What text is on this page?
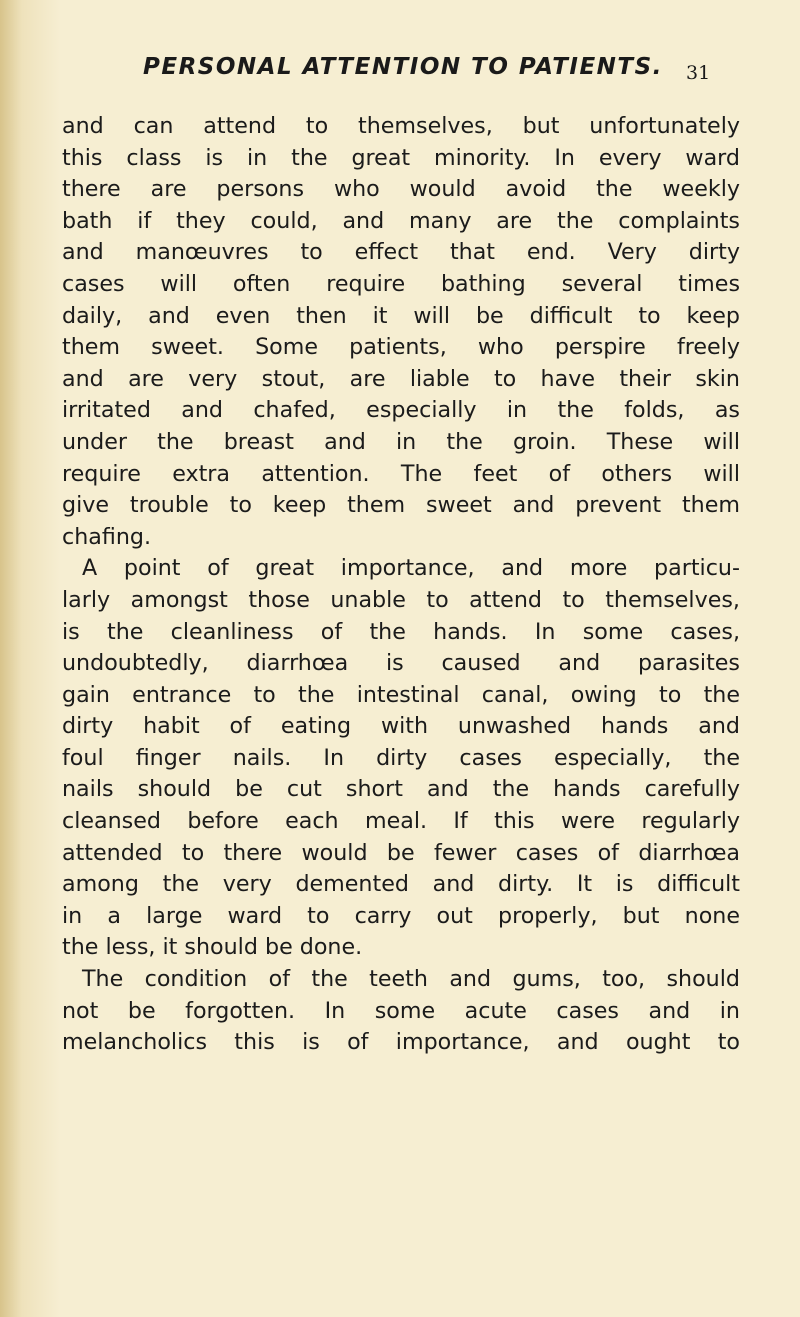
PERSONAL ATTENTION TO PATIENTS. 31
and can attend to themselves, but unfortunately
this class is in the great minority. In every ward
there are persons who would avoid the weekly
bath if they could, and many are the complaints
and manœuvres to effect that end. Very dirty
cases will often require bathing several times
daily, and even then it will be difficult to keep
them sweet. Some patients, who perspire freely
and are very stout, are liable to have their skin
irritated and chafed, especially in the folds, as
under the breast and in the groin. These will
require extra attention. The feet of others will
give trouble to keep them sweet and prevent them
chafing.
A point of great importance, and more particu-
larly amongst those unable to attend to themselves,
is the cleanliness of the hands. In some cases,
undoubtedly, diarrhœa is caused and parasites
gain entrance to the intestinal canal, owing to the
dirty habit of eating with unwashed hands and
foul finger nails. In dirty cases especially, the
nails should be cut short and the hands carefully
cleansed before each meal. If this were regularly
attended to there would be fewer cases of diarrhœa
among the very demented and dirty. It is difficult
in a large ward to carry out properly, but none
the less, it should be done.
The condition of the teeth and gums, too, should
not be forgotten. In some acute cases and in
melancholics this is of importance, and ought to
